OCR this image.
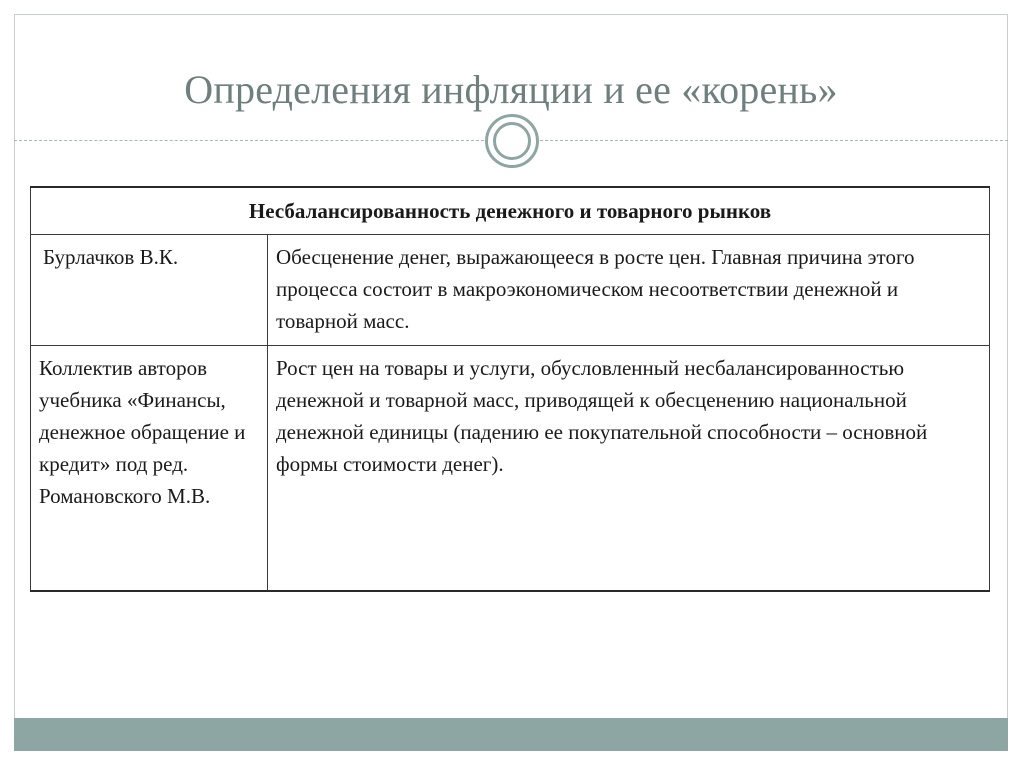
Определения инфляции и ее «корень»
Несбалансированность денежного и товарного рынков	
Бурлачков В.К.	Обесценение денег, выражающееся в росте цен. Главная причина этого процесса состоит в макроэкономическом несоответствии денежной и товарной масс.
Коллектив авторов учебника «Финансы, денежное обращение и кредит» под ред. Романовского М.В.	Рост цен на товары и услуги, обусловленный несбалансированностью денежной и товарной масс, приводящей к обесценению национальной денежной единицы (падению ее покупательной способности – основной формы стоимости денег).
